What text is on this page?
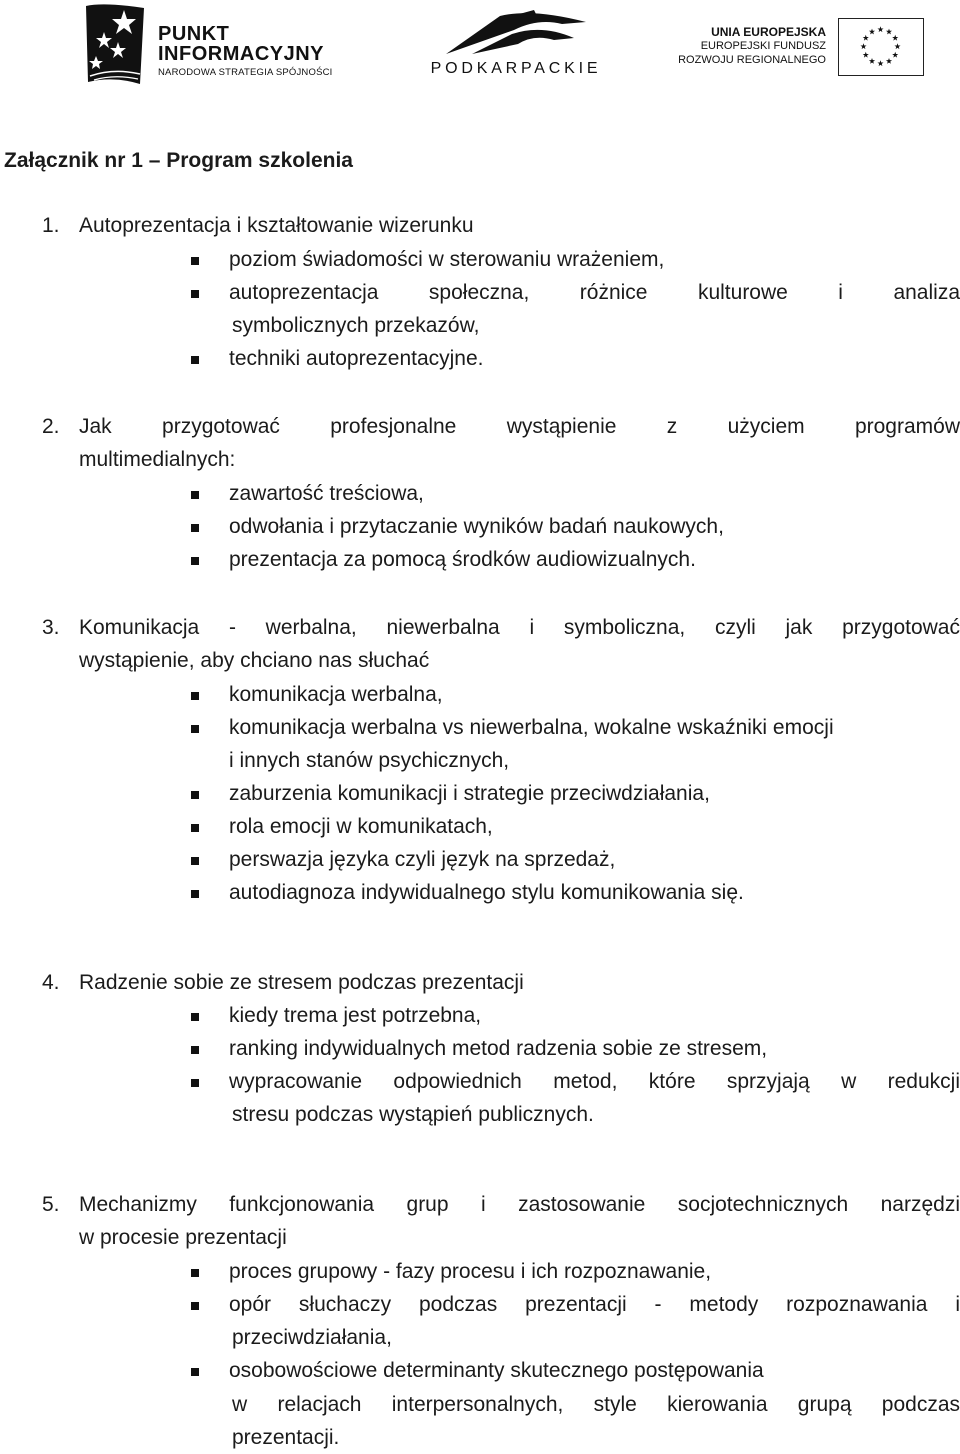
PUNKT
INFORMACYJNY
NARODOWA STRATEGIA SPÓJNOŚCI	PODKARPACKIE
UNIA EUROPEJSKA
EUROPEJSKI FUNDUSZ
ROZWOJU REGIONALNEGO
Załącznik nr 1 – Program szkolenia
1. Autoprezentacja i kształtowanie wizerunku
poziom świadomości w sterowaniu wrażeniem,
autoprezentacja społeczna, różnice kulturowe i analiza
symbolicznych przekazów,
techniki autoprezentacyjne.
2. Jak przygotować profesjonalne wystąpienie z użyciem programów
multimedialnych:
zawartość treściowa,
odwołania i przytaczanie wyników badań naukowych,
prezentacja za pomocą środków audiowizualnych.
3. Komunikacja - werbalna, niewerbalna i symboliczna, czyli jak przygotować
wystąpienie, aby chciano nas słuchać
komunikacja werbalna,
komunikacja werbalna vs niewerbalna, wokalne wskaźniki emocji
i innych stanów psychicznych,
zaburzenia komunikacji i strategie przeciwdziałania,
rola emocji w komunikatach,
perswazja języka czyli język na sprzedaż,
autodiagnoza indywidualnego stylu komunikowania się.
4. Radzenie sobie ze stresem podczas prezentacji
kiedy trema jest potrzebna,
ranking indywidualnych metod radzenia sobie ze stresem,
wypracowanie odpowiednich metod, które sprzyjają w redukcji
stresu podczas wystąpień publicznych.
5. Mechanizmy funkcjonowania grup i zastosowanie socjotechnicznych narzędzi
w procesie prezentacji
proces grupowy - fazy procesu i ich rozpoznawanie,
opór słuchaczy podczas prezentacji - metody rozpoznawania i
przeciwdziałania,
osobowościowe determinanty skutecznego postępowania
w relacjach interpersonalnych, style kierowania grupą podczas
prezentacji.
